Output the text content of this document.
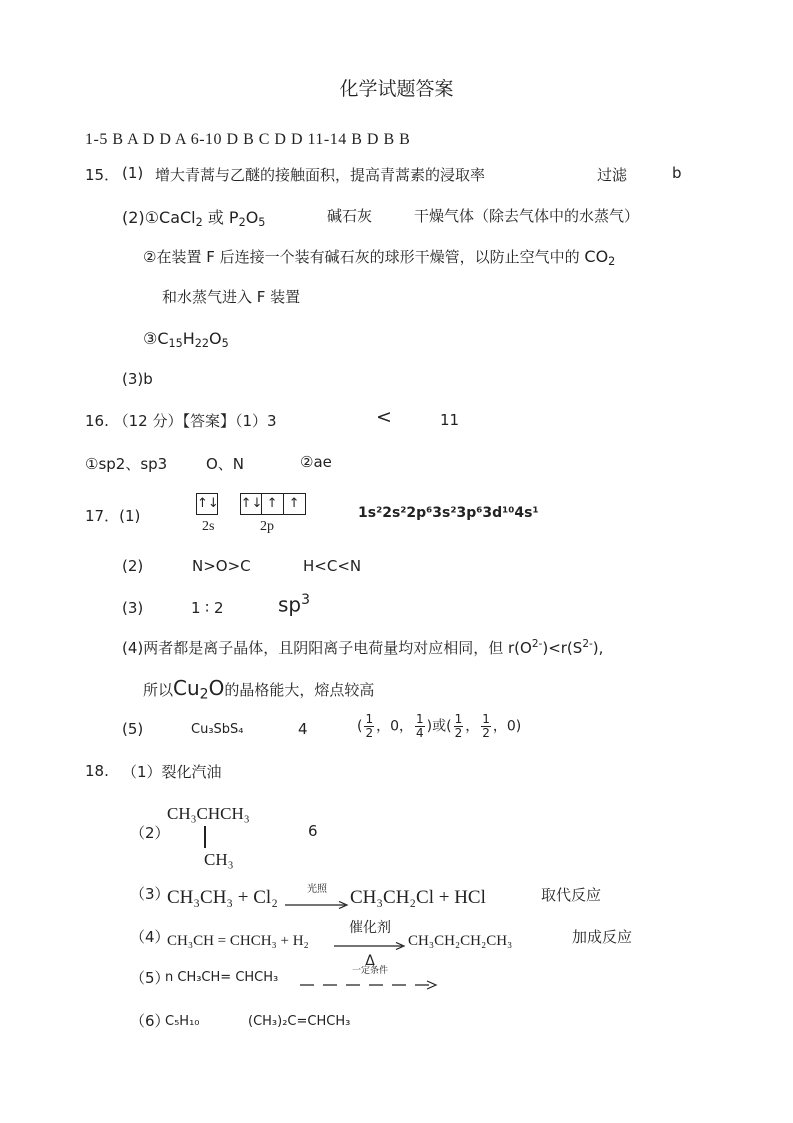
化学试题答案
1-5 B A D D A 6-10 D B C D D 11-14 B D B B
15． (1) 增大青蒿与乙醚的接触面积，提高青蒿素的浸取率	过滤	b
(2)①CaCl$_2$ 或 $P_2O_5$	碱石灰	干燥气体（除去气体中的水蒸气）
②在装置 F 后连接一个装有碱石灰的球形干燥管，以防止空气中的 $CO_2$
和水蒸气进入 F 装置
$③C_{15}H_{22}O_5$
(3)b
16. （12 分）【答案】（1）3	<	11
①sp2、sp3	O、N	②ae
17．(1)
↑↓ ↑↓ ↑ ↑
2s	2p
1s²2s²2p⁶3s²3p⁶3d¹⁰4s¹
(2)	N>O>C	H<C<N
(3)	1 ∶ 2	$sp^3$
(4)两者都是离子晶体，且阴阳离子电荷量均对应相同，但 $r(O^{2-})<r(S^{2-})$,
所以$Cu_2O$的晶格能大，熔点较高
(5)	Cu₃SbS₄	4	( $\frac{1}{2}$ ，0， $\frac{1}{4}$ )或( $\frac{1}{2}$ ， $\frac{1}{2}$ ，0)
18. （1）裂化汽油
（2）
CH₃CHCH₃
CH₃
6
（3）
CH₃CH₃ + Cl₂	光照	CH₃CH₂Cl + HCl	取代反应
（4）
CH₃CH = CHCH₃ + H₂
催化剂
Δ
CH₃CH₂CH₂CH₃	加成反应
（5）
n CH₃CH= CHCH₃	一定条件
（6）
C₅H₁₀	(CH₃)₂C=CHCH₃
